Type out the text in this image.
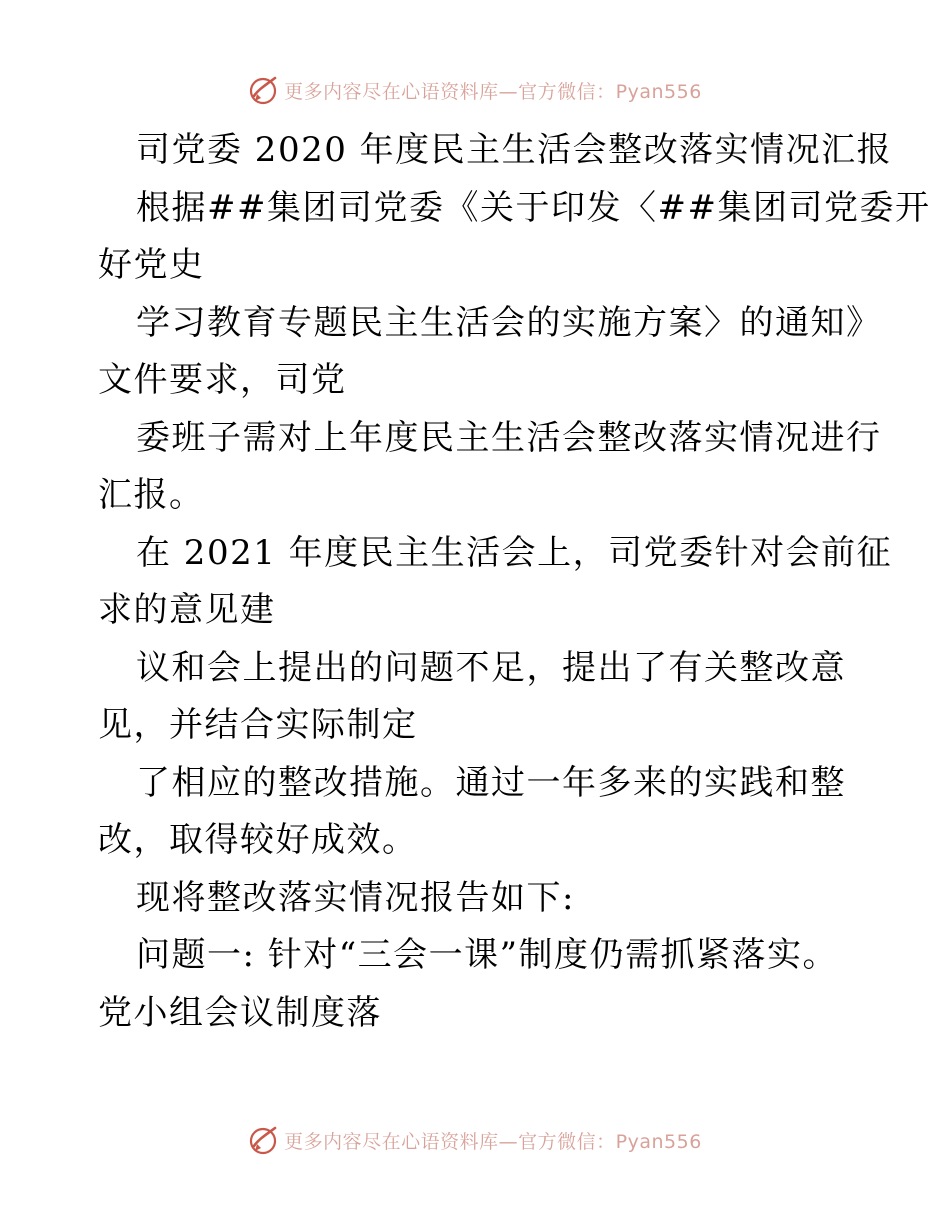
更多内容尽在心语资料库—官方微信：Pyan556
司党委 2020 年度民主生活会整改落实情况汇报
根据##集团司党委《关于印发〈##集团司党委开
好党史
学习教育专题民主生活会的实施方案〉的通知》
文件要求，司党
委班子需对上年度民主生活会整改落实情况进行
汇报。
在 2021 年度民主生活会上，司党委针对会前征
求的意见建
议和会上提出的问题不足，提出了有关整改意
见，并结合实际制定
了相应的整改措施。通过一年多来的实践和整
改，取得较好成效。
现将整改落实情况报告如下:
问题一: 针对“三会一课”制度仍需抓紧落实。
党小组会议制度落
更多内容尽在心语资料库—官方微信：Pyan556
